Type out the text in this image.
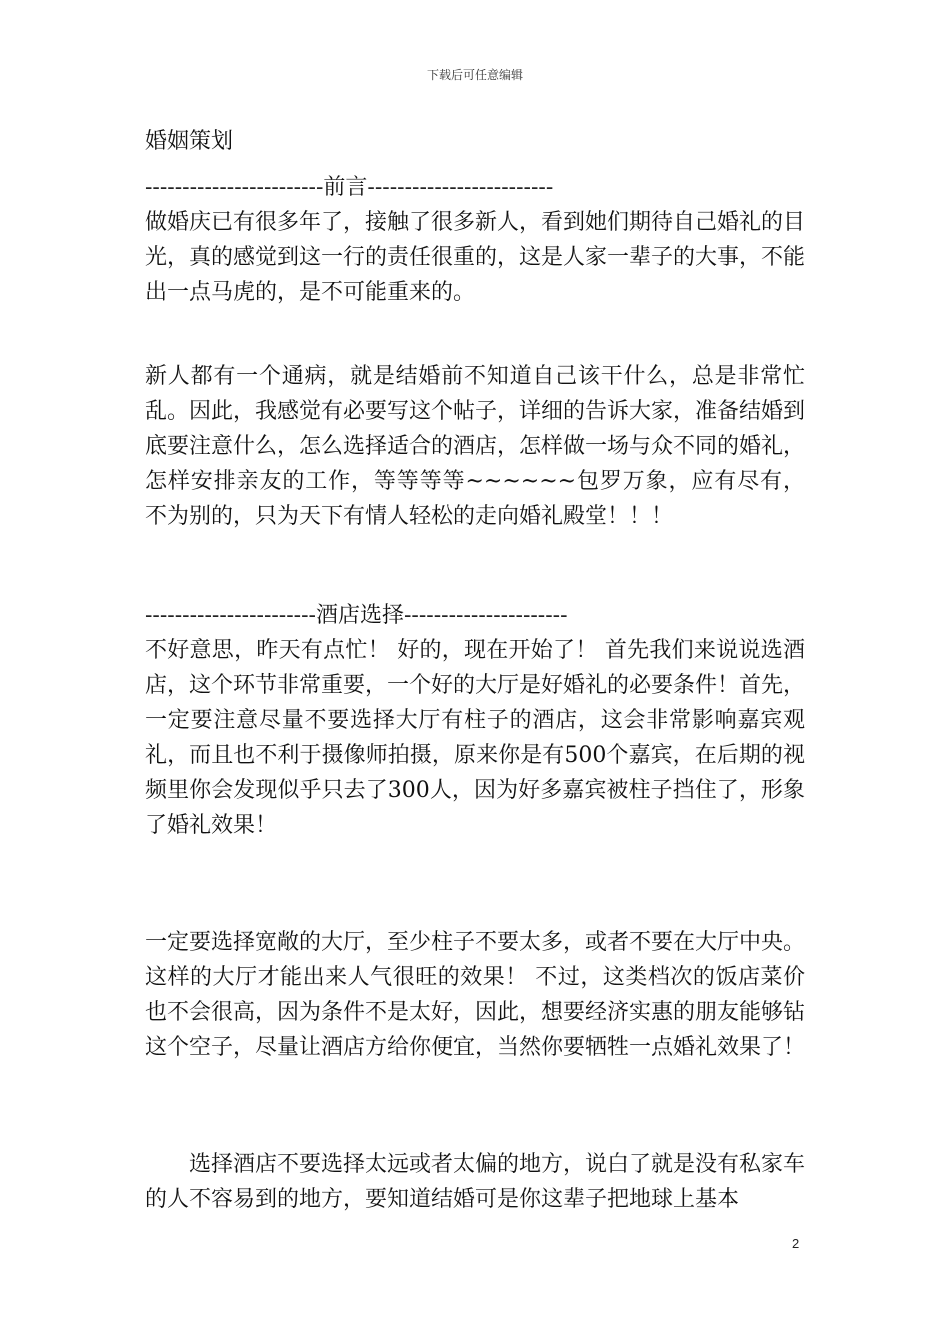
下载后可任意编辑
婚姻策划
------------------------前言-------------------------

做婚庆已有很多年了，接触了很多新人，看到她们期待自己婚礼的目光，真的感觉到这一行的责任很重的，这是人家一辈子的大事，不能出一点马虎的，是不可能重来的。

新人都有一个通病，就是结婚前不知道自己该干什么，总是非常忙乱。因此，我感觉有必要写这个帖子，详细的告诉大家，准备结婚到底要注意什么，怎么选择适合的酒店，怎样做一场与众不同的婚礼，怎样安排亲友的工作，等等等等~~~~~~包罗万象，应有尽有，不为别的，只为天下有情人轻松的走向婚礼殿堂！！！

-----------------------酒店选择----------------------

不好意思，昨天有点忙！ 好的，现在开始了！ 首先我们来说说选酒店，这个环节非常重要，一个好的大厅是好婚礼的必要条件！首先，一定要注意尽量不要选择大厅有柱子的酒店，这会非常影响嘉宾观礼，而且也不利于摄像师拍摄，原来你是有500个嘉宾，在后期的视频里你会发现似乎只去了300人，因为好多嘉宾被柱子挡住了，形象了婚礼效果！

一定要选择宽敞的大厅，至少柱子不要太多，或者不要在大厅中央。这样的大厅才能出来人气很旺的效果！ 不过，这类档次的饭店菜价也不会很高，因为条件不是太好，因此，想要经济实惠的朋友能够钻这个空子，尽量让酒店方给你便宜，当然你要牺牲一点婚礼效果了！

选择酒店不要选择太远或者太偏的地方，说白了就是没有私家车的人不容易到的地方，要知道结婚可是你这辈子把地球上基本

2
